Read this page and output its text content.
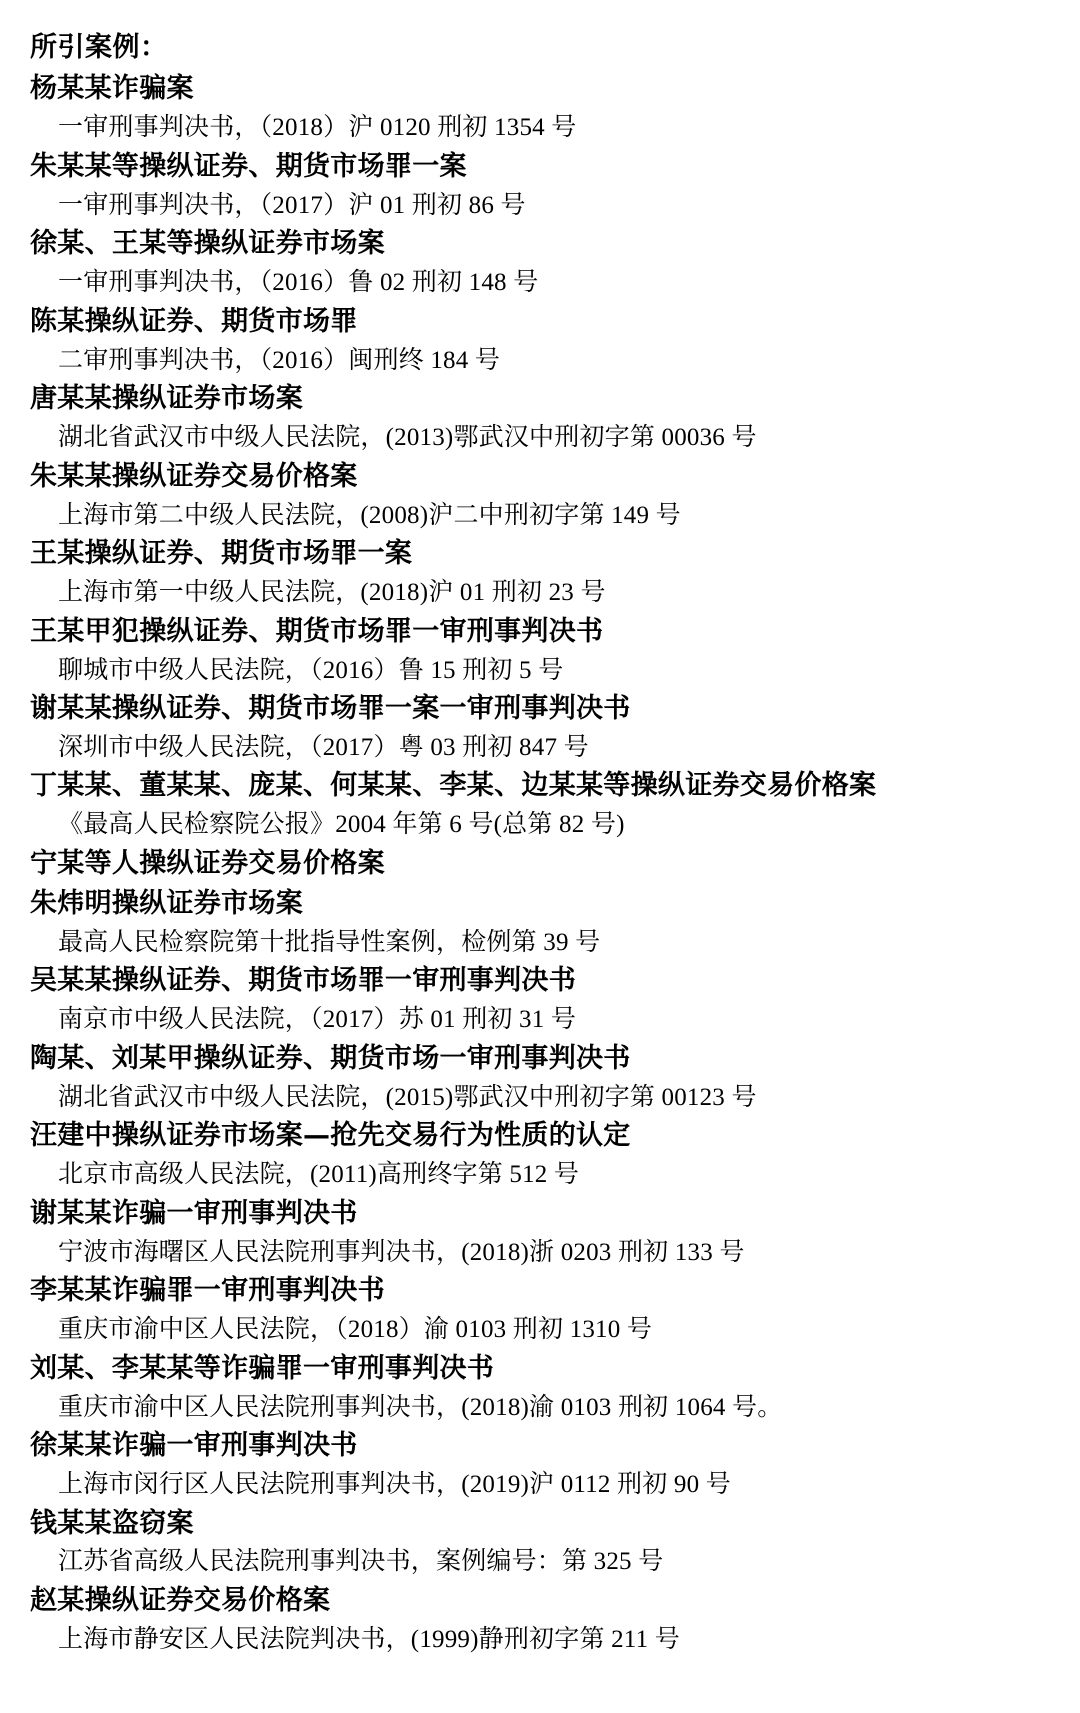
所引案例：
杨某某诈骗案
一审刑事判决书，（2018）沪 0120 刑初 1354 号
朱某某等操纵证券、期货市场罪一案
一审刑事判决书，（2017）沪 01 刑初 86 号
徐某、王某等操纵证券市场案
一审刑事判决书，（2016）鲁 02 刑初 148 号
陈某操纵证券、期货市场罪
二审刑事判决书，（2016）闽刑终 184 号
唐某某操纵证券市场案
湖北省武汉市中级人民法院，(2013)鄂武汉中刑初字第 00036 号
朱某某操纵证券交易价格案
上海市第二中级人民法院，(2008)沪二中刑初字第 149 号
王某操纵证券、期货市场罪一案
上海市第一中级人民法院，(2018)沪 01 刑初 23 号
王某甲犯操纵证券、期货市场罪一审刑事判决书
聊城市中级人民法院，（2016）鲁 15 刑初 5 号
谢某某操纵证券、期货市场罪一案一审刑事判决书
深圳市中级人民法院，（2017）粤 03 刑初 847 号
丁某某、董某某、庞某、何某某、李某、边某某等操纵证券交易价格案
《最高人民检察院公报》2004 年第 6 号(总第 82 号)
宁某等人操纵证券交易价格案
朱炜明操纵证券市场案
最高人民检察院第十批指导性案例，检例第 39 号
吴某某操纵证券、期货市场罪一审刑事判决书
南京市中级人民法院，（2017）苏 01 刑初 31 号
陶某、刘某甲操纵证券、期货市场一审刑事判决书
湖北省武汉市中级人民法院，(2015)鄂武汉中刑初字第 00123 号
汪建中操纵证券市场案—抢先交易行为性质的认定
北京市高级人民法院，(2011)高刑终字第 512 号
谢某某诈骗一审刑事判决书
宁波市海曙区人民法院刑事判决书，(2018)浙 0203 刑初 133 号
李某某诈骗罪一审刑事判决书
重庆市渝中区人民法院，（2018）渝 0103 刑初 1310 号
刘某、李某某等诈骗罪一审刑事判决书
重庆市渝中区人民法院刑事判决书，(2018)渝 0103 刑初 1064 号。
徐某某诈骗一审刑事判决书
上海市闵行区人民法院刑事判决书，(2019)沪 0112 刑初 90 号
钱某某盗窃案
江苏省高级人民法院刑事判决书，案例编号：第 325 号
赵某操纵证券交易价格案
上海市静安区人民法院判决书，(1999)静刑初字第 211 号
